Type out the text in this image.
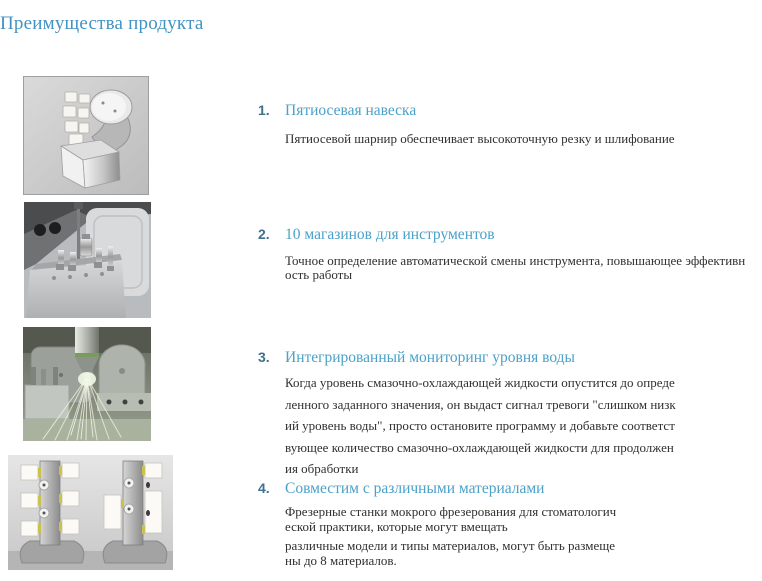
Преимущества продукта
1. Пятиосевая навеска
Пятиосевой шарнир обеспечивает высокоточную резку и шлифование
2. 10 магазинов для инструментов
Точное определение автоматической смены инструмента, повышающее эффективн
ость работы
3. Интегрированный мониторинг уровня воды
Когда уровень смазочно-охлаждающей жидкости опустится до опреде
ленного заданного значения, он выдаст сигнал тревоги "слишком низк
ий уровень воды", просто остановите программу и добавьте соответст
вующее количество смазочно-охлаждающей жидкости для продолжен
ия обработки
4. Совместим с различными материалами
Фрезерные станки мокрого фрезерования для стоматологич
еской практики, которые могут вмещать
различные модели и типы материалов, могут быть размеще
ны до 8 материалов.
